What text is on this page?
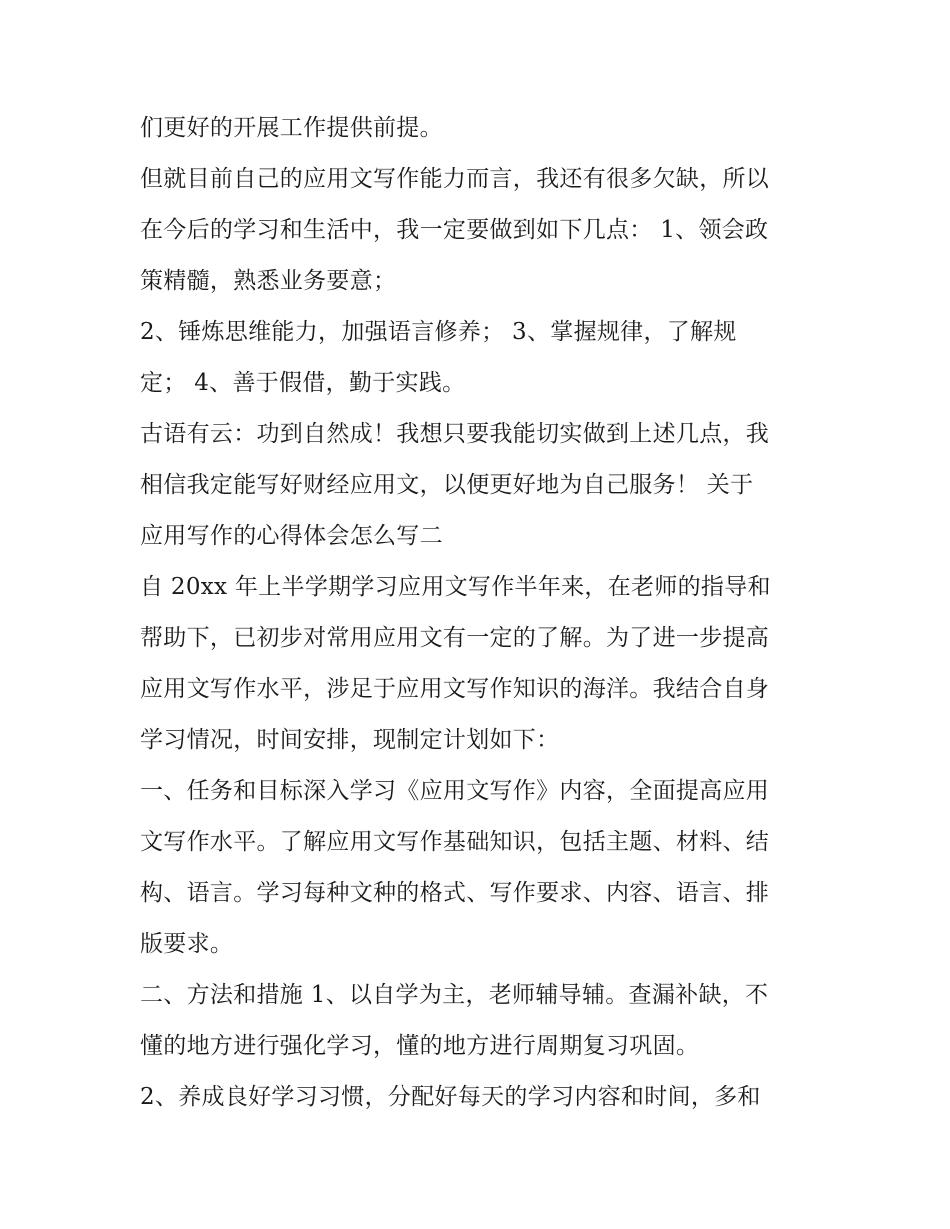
们更好的开展工作提供前提。
但就目前自己的应用文写作能力而言，我还有很多欠缺，所以
在今后的学习和生活中，我一定要做到如下几点： 1、领会政
策精髓，熟悉业务要意；
2、锤炼思维能力，加强语言修养； 3、掌握规律，了解规
定； 4、善于假借，勤于实践。
古语有云：功到自然成！我想只要我能切实做到上述几点，我
相信我定能写好财经应用文，以便更好地为自己服务！ 关于
应用写作的心得体会怎么写二
自 20xx 年上半学期学习应用文写作半年来，在老师的指导和
帮助下，已初步对常用应用文有一定的了解。为了进一步提高
应用文写作水平，涉足于应用文写作知识的海洋。我结合自身
学习情况，时间安排，现制定计划如下：
一、任务和目标深入学习《应用文写作》内容，全面提高应用
文写作水平。了解应用文写作基础知识，包括主题、材料、结
构、语言。学习每种文种的格式、写作要求、内容、语言、排
版要求。
二、方法和措施 1、以自学为主，老师辅导辅。查漏补缺，不
懂的地方进行强化学习，懂的地方进行周期复习巩固。
2、养成良好学习习惯，分配好每天的学习内容和时间，多和
